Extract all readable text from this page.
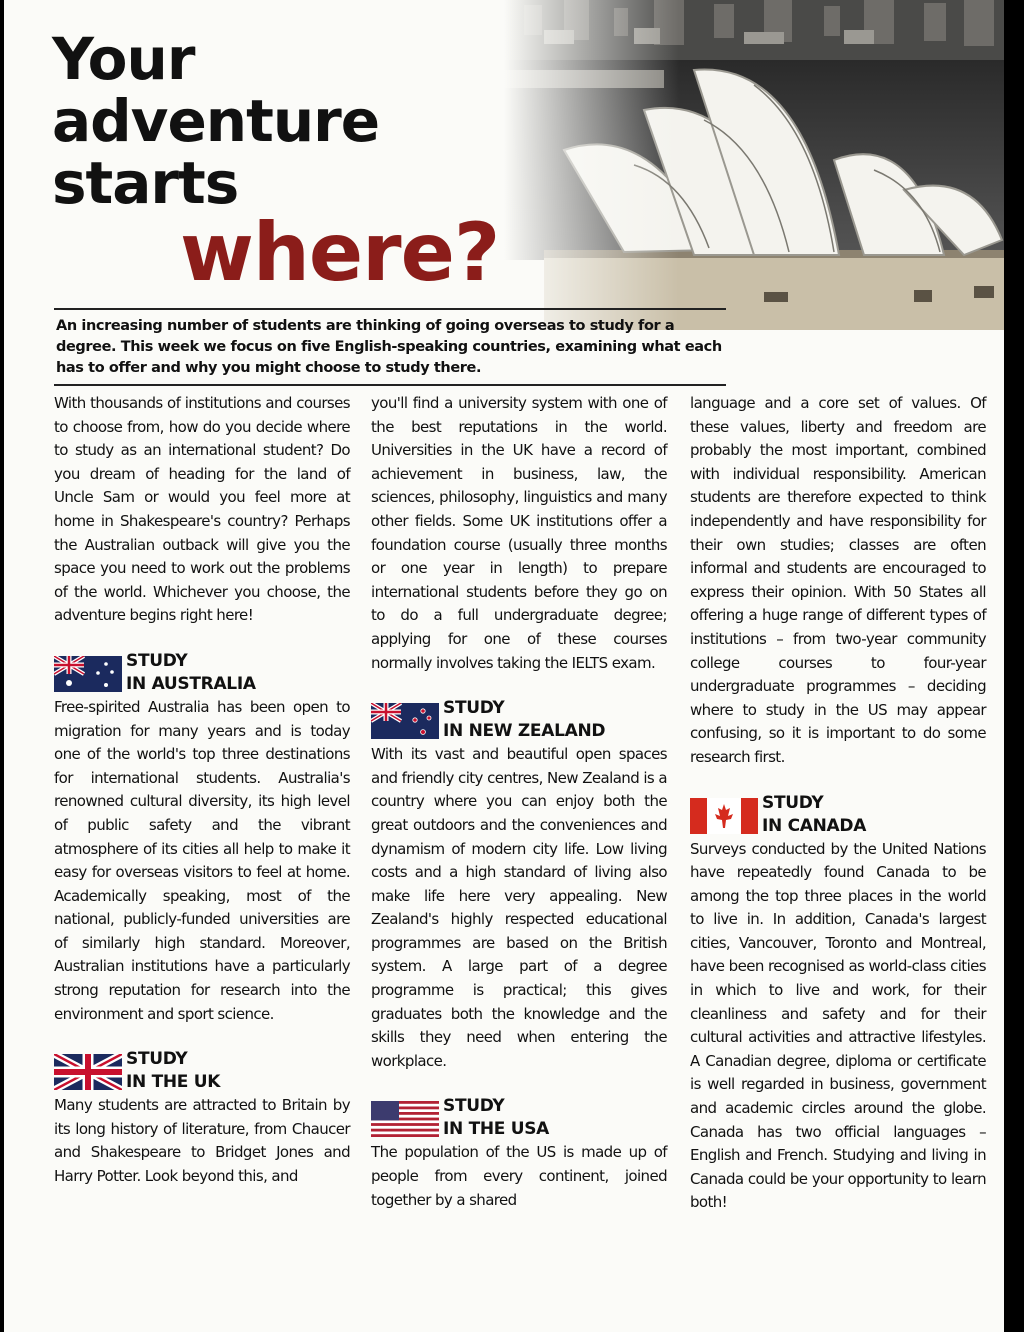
Your
adventure
starts
where?
An increasing number of students are thinking of going overseas to study for a degree. This week we focus on five English-speaking countries, examining what each has to offer and why you might choose to study there.

With thousands of institutions and courses to choose from, how do you decide where to study as an international student? Do you dream of heading for the land of Uncle Sam or would you feel more at home in Shakespeare's country? Perhaps the Australian outback will give you the space you need to work out the problems of the world. Whichever you choose, the adventure begins right here!

STUDY
IN AUSTRALIA

Free-spirited Australia has been open to migration for many years and is today one of the world's top three destinations for international students. Australia's renowned cultural diversity, its high level of public safety and the vibrant atmosphere of its cities all help to make it easy for overseas visitors to feel at home. Academically speaking, most of the national, publicly-funded universities are of similarly high standard. Moreover, Australian institutions have a particularly strong reputation for research into the environment and sport science.

STUDY
IN THE UK

Many students are attracted to Britain by its long history of literature, from Chaucer and Shakespeare to Bridget Jones and Harry Potter. Look beyond this, and

you'll find a university system with one of the best reputations in the world. Universities in the UK have a record of achievement in business, law, the sciences, philosophy, linguistics and many other fields. Some UK institutions offer a foundation course (usually three months or one year in length) to prepare international students before they go on to do a full undergraduate degree; applying for one of these courses normally involves taking the IELTS exam.

STUDY
IN NEW ZEALAND

With its vast and beautiful open spaces and friendly city centres, New Zealand is a country where you can enjoy both the great outdoors and the conveniences and dynamism of modern city life. Low living costs and a high standard of living also make life here very appealing. New Zealand's highly respected educational programmes are based on the British system. A large part of a degree programme is practical; this gives graduates both the knowledge and the skills they need when entering the workplace.

STUDY
IN THE USA

The population of the US is made up of people from every continent, joined together by a shared

language and a core set of values. Of these values, liberty and freedom are probably the most important, combined with individual responsibility. American students are therefore expected to think independently and have responsibility for their own studies; classes are often informal and students are encouraged to express their opinion. With 50 States all offering a huge range of different types of institutions – from two-year community college courses to four-year undergraduate programmes – deciding where to study in the US may appear confusing, so it is important to do some research first.

STUDY
IN CANADA

Surveys conducted by the United Nations have repeatedly found Canada to be among the top three places in the world to live in. In addition, Canada's largest cities, Vancouver, Toronto and Montreal, have been recognised as world-class cities in which to live and work, for their cleanliness and safety and for their cultural activities and attractive lifestyles. A Canadian degree, diploma or certificate is well regarded in business, government and academic circles around the globe. Canada has two official languages – English and French. Studying and living in Canada could be your opportunity to learn both!
